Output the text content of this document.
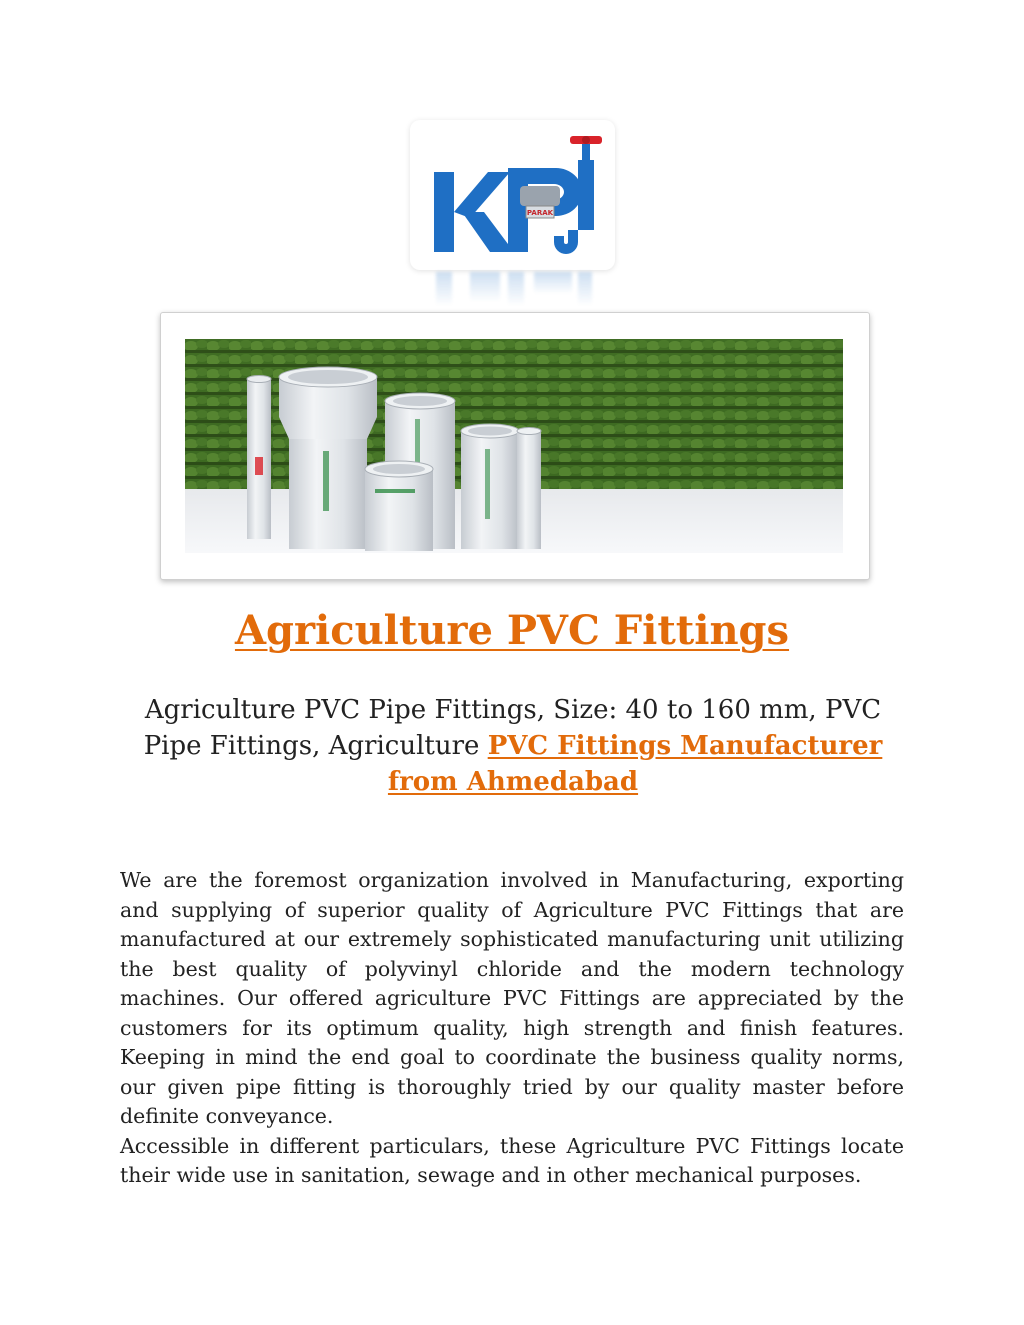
PARAK
Agriculture PVC Fittings

Agriculture PVC Pipe Fittings, Size: 40 to 160 mm, PVC Pipe Fittings, Agriculture PVC Fittings Manufacturer from Ahmedabad

We are the foremost organization involved in Manufacturing, exporting and supplying of superior quality of Agriculture PVC Fittings that are manufactured at our extremely sophisticated manufacturing unit utilizing the best quality of polyvinyl chloride and the modern technology machines. Our offered agriculture PVC Fittings are appreciated by the customers for its optimum quality, high strength and finish features. Keeping in mind the end goal to coordinate the business quality norms, our given pipe fitting is thoroughly tried by our quality master before definite conveyance.

Accessible in different particulars, these Agriculture PVC Fittings locate their wide use in sanitation, sewage and in other mechanical purposes.
